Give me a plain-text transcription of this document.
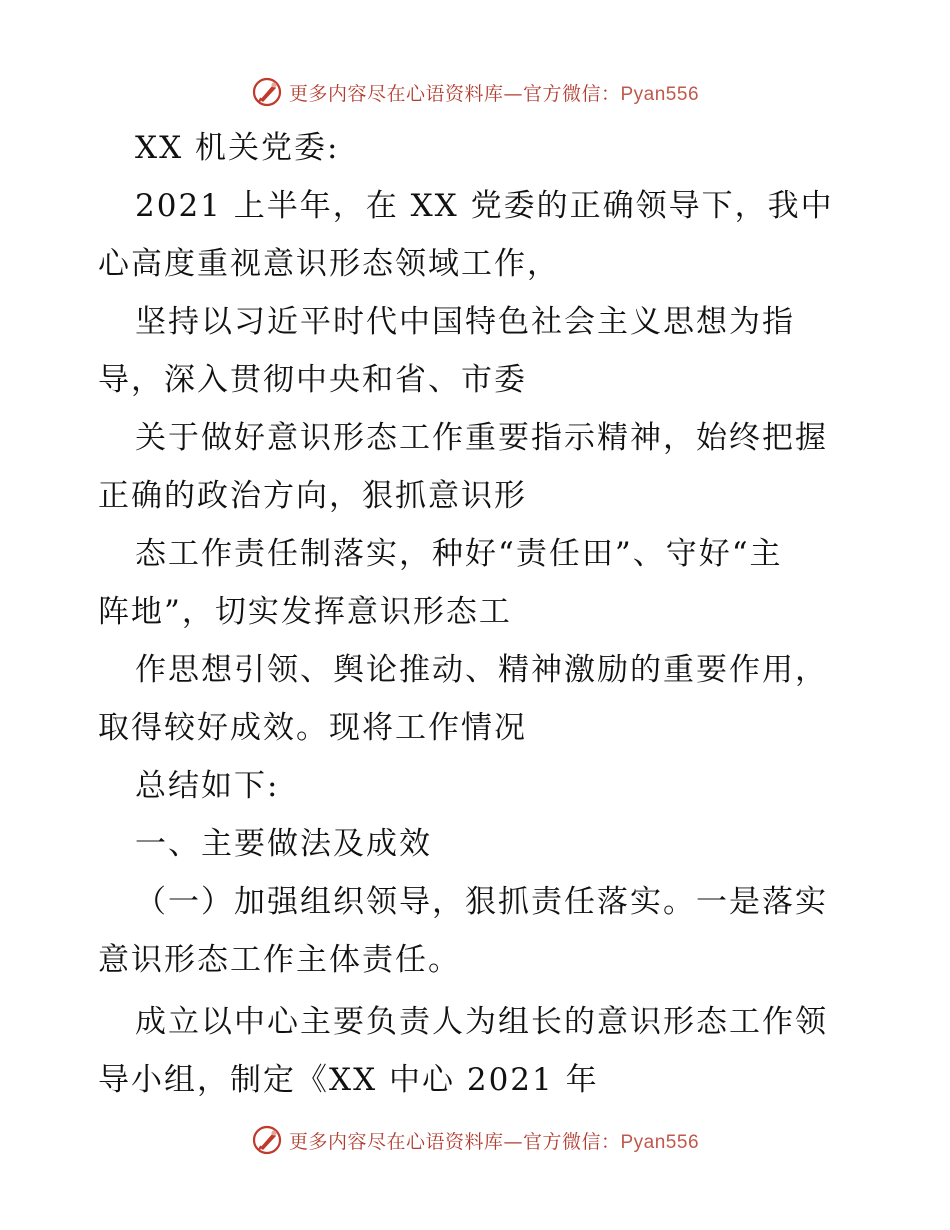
更多内容尽在心语资料库—官方微信：Pyan556
XX 机关党委:
2021 上半年，在 XX 党委的正确领导下，我中
心高度重视意识形态领域工作，
坚持以习近平时代中国特色社会主义思想为指
导，深入贯彻中央和省、市委
关于做好意识形态工作重要指示精神，始终把握
正确的政治方向，狠抓意识形
态工作责任制落实，种好“责任田”、守好“主
阵地”，切实发挥意识形态工
作思想引领、舆论推动、精神激励的重要作用，
取得较好成效。现将工作情况
总结如下:
一、主要做法及成效
（一）加强组织领导，狠抓责任落实。一是落实
意识形态工作主体责任。
成立以中心主要负责人为组长的意识形态工作领
导小组，制定《XX 中心 2021 年
更多内容尽在心语资料库—官方微信：Pyan556
